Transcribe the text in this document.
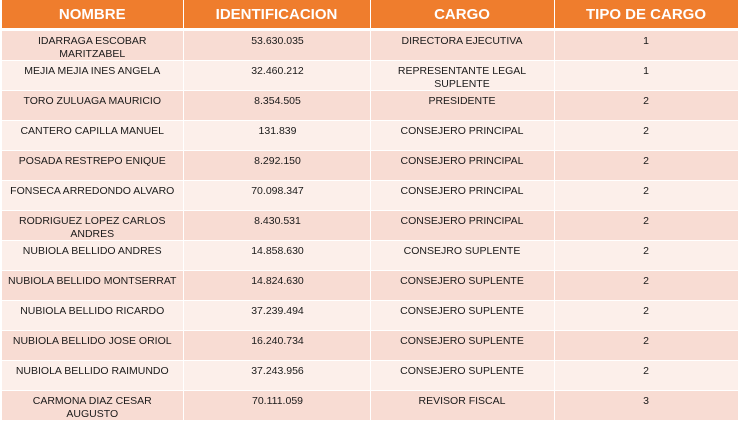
NOMBRE	IDENTIFICACION	CARGO	TIPO DE CARGO
IDARRAGA ESCOBAR MARITZABEL	53.630.035	DIRECTORA EJECUTIVA	1
MEJIA MEJIA INES ANGELA	32.460.212	REPRESENTANTE LEGAL SUPLENTE	1
TORO ZULUAGA MAURICIO	8.354.505	PRESIDENTE	2
CANTERO CAPILLA MANUEL	131.839	CONSEJERO PRINCIPAL	2
POSADA RESTREPO ENIQUE	8.292.150	CONSEJERO PRINCIPAL	2
FONSECA ARREDONDO ALVARO	70.098.347	CONSEJERO PRINCIPAL	2
RODRIGUEZ LOPEZ CARLOS ANDRES	8.430.531	CONSEJERO PRINCIPAL	2
NUBIOLA BELLIDO ANDRES	14.858.630	CONSEJRO SUPLENTE	2
NUBIOLA BELLIDO MONTSERRAT	14.824.630	CONSEJERO SUPLENTE	2
NUBIOLA BELLIDO RICARDO	37.239.494	CONSEJERO SUPLENTE	2
NUBIOLA BELLIDO JOSE ORIOL	16.240.734	CONSEJERO SUPLENTE	2
NUBIOLA BELLIDO RAIMUNDO	37.243.956	CONSEJERO SUPLENTE	2
CARMONA DIAZ CESAR AUGUSTO	70.111.059	REVISOR FISCAL	3
